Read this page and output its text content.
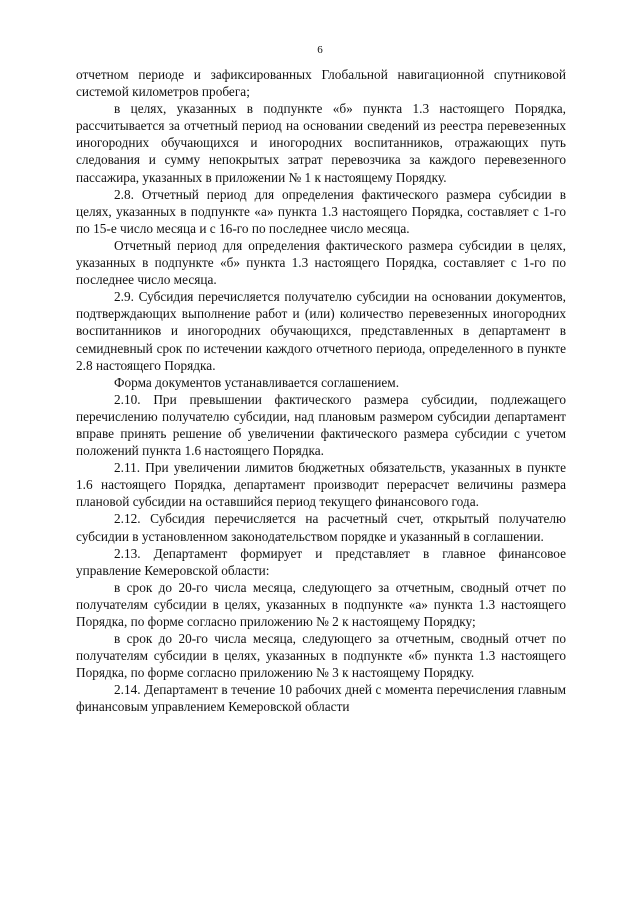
6

отчетном периоде и зафиксированных Глобальной навигационной спутниковой системой километров пробега;

в целях, указанных в подпункте «б» пункта 1.3 настоящего Порядка, рассчитывается за отчетный период на основании сведений из реестра перевезенных иногородних обучающихся и иногородних воспитанников, отражающих путь следования и сумму непокрытых затрат перевозчика за каждого перевезенного пассажира, указанных в приложении № 1 к настоящему Порядку.

2.8. Отчетный период для определения фактического размера субсидии в целях, указанных в подпункте «а» пункта 1.3 настоящего Порядка, составляет с 1-го по 15-е число месяца и с 16-го по последнее число месяца.

Отчетный период для определения фактического размера субсидии в целях, указанных в подпункте «б» пункта 1.3 настоящего Порядка, составляет с 1-го по последнее число месяца.

2.9. Субсидия перечисляется получателю субсидии на основании документов, подтверждающих выполнение работ и (или) количество перевезенных иногородних воспитанников и иногородних обучающихся, представленных в департамент в семидневный срок по истечении каждого отчетного периода, определенного в пункте 2.8 настоящего Порядка.

Форма документов устанавливается соглашением.

2.10. При превышении фактического размера субсидии, подлежащего перечислению получателю субсидии, над плановым размером субсидии департамент вправе принять решение об увеличении фактического размера субсидии с учетом положений пункта 1.6 настоящего Порядка.

2.11. При увеличении лимитов бюджетных обязательств, указанных в пункте 1.6 настоящего Порядка, департамент производит перерасчет величины размера плановой субсидии на оставшийся период текущего финансового года.

2.12. Субсидия перечисляется на расчетный счет, открытый получателю субсидии в установленном законодательством порядке и указанный в соглашении.

2.13. Департамент формирует и представляет в главное финансовое управление Кемеровской области:

в срок до 20-го числа месяца, следующего за отчетным, сводный отчет по получателям субсидии в целях, указанных в подпункте «а» пункта 1.3 настоящего Порядка, по форме согласно приложению № 2 к настоящему Порядку;

в срок до 20-го числа месяца, следующего за отчетным, сводный отчет по получателям субсидии в целях, указанных в подпункте «б» пункта 1.3 настоящего Порядка, по форме согласно приложению № 3 к настоящему Порядку.

2.14. Департамент в течение 10 рабочих дней с момента перечисления главным финансовым управлением Кемеровской области
